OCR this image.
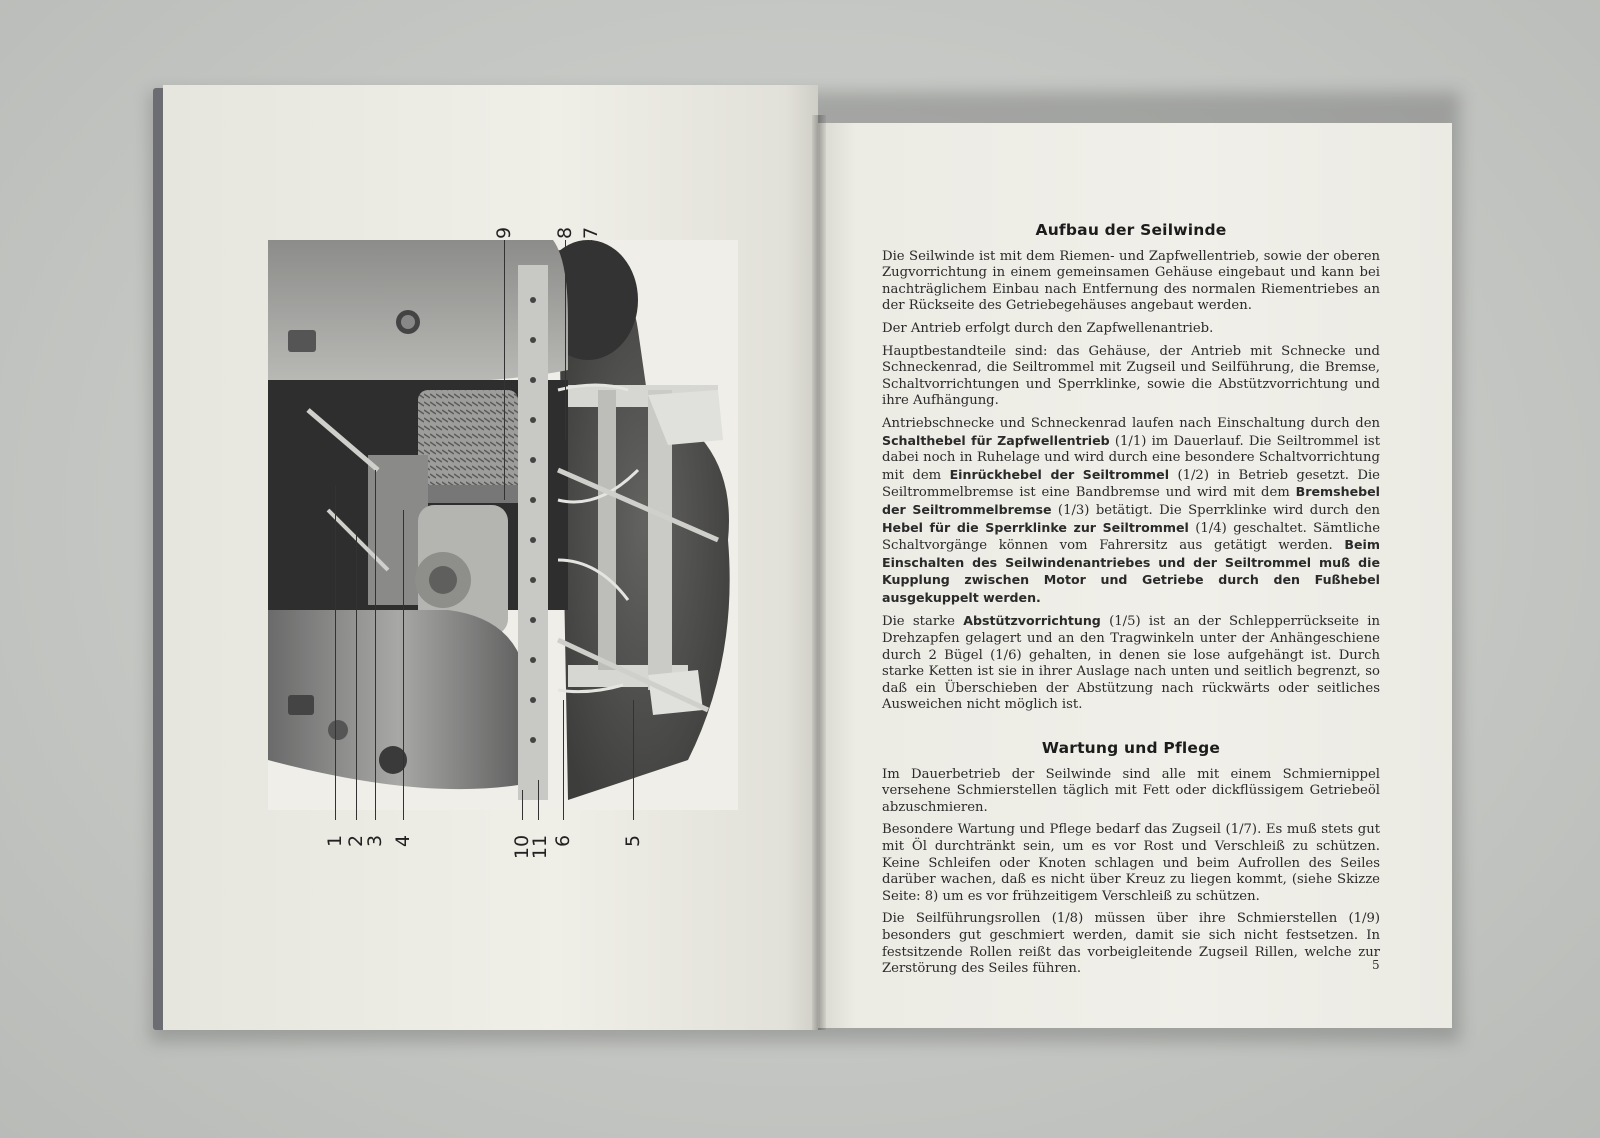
1 2
3 4	10
11 6	5
9 8 7	Aufbau der Seilwinde

Die Seilwinde ist mit dem Riemen- und Zapfwellentrieb, sowie der oberen Zugvorrichtung in einem gemeinsamen Gehäuse eingebaut und kann bei nachträglichem Einbau nach Entfernung des normalen Riementriebes an der Rückseite des Getriebegehäuses angebaut werden.

Der Antrieb erfolgt durch den Zapfwellenantrieb.

Hauptbestandteile sind: das Gehäuse, der Antrieb mit Schnecke und Schneckenrad, die Seiltrommel mit Zugseil und Seilführung, die Bremse, Schaltvorrichtungen und Sperrklinke, sowie die Abstützvorrichtung und ihre Aufhängung.

Antriebschnecke und Schneckenrad laufen nach Einschaltung durch den Schalthebel für Zapfwellentrieb (1/1) im Dauerlauf. Die Seiltrommel ist dabei noch in Ruhelage und wird durch eine besondere Schaltvorrichtung mit dem Einrückhebel der Seiltrommel (1/2) in Betrieb gesetzt. Die Seiltrommelbremse ist eine Bandbremse und wird mit dem Bremshebel der Seiltrommelbremse (1/3) betätigt. Die Sperrklinke wird durch den Hebel für die Sperrklinke zur Seiltrommel (1/4) geschaltet. Sämtliche Schaltvorgänge können vom Fahrersitz aus getätigt werden. Beim Einschalten des Seilwindenantriebes und der Seiltrommel muß die Kupplung zwischen Motor und Getriebe durch den Fußhebel ausgekuppelt werden.

Die starke Abstützvorrichtung (1/5) ist an der Schlepperrückseite in Drehzapfen gelagert und an den Tragwinkeln unter der Anhängeschiene durch 2 Bügel (1/6) gehalten, in denen sie lose aufgehängt ist. Durch starke Ketten ist sie in ihrer Auslage nach unten und seitlich begrenzt, so daß ein Überschieben der Abstützung nach rückwärts oder seitliches Ausweichen nicht möglich ist.

Wartung und Pflege

Im Dauerbetrieb der Seilwinde sind alle mit einem Schmiernippel versehene Schmierstellen täglich mit Fett oder dickflüssigem Getriebeöl abzuschmieren.

Besondere Wartung und Pflege bedarf das Zugseil (1/7). Es muß stets gut mit Öl durchtränkt sein, um es vor Rost und Verschleiß zu schützen. Keine Schleifen oder Knoten schlagen und beim Aufrollen des Seiles darüber wachen, daß es nicht über Kreuz zu liegen kommt, (siehe Skizze Seite: 8) um es vor frühzeitigem Verschleiß zu schützen.

Die Seilführungsrollen (1/8) müssen über ihre Schmierstellen (1/9) besonders gut geschmiert werden, damit sie sich nicht festsetzen. In festsitzende Rollen reißt das vorbeigleitende Zugseil Rillen, welche zur Zerstörung des Seiles führen.	5
